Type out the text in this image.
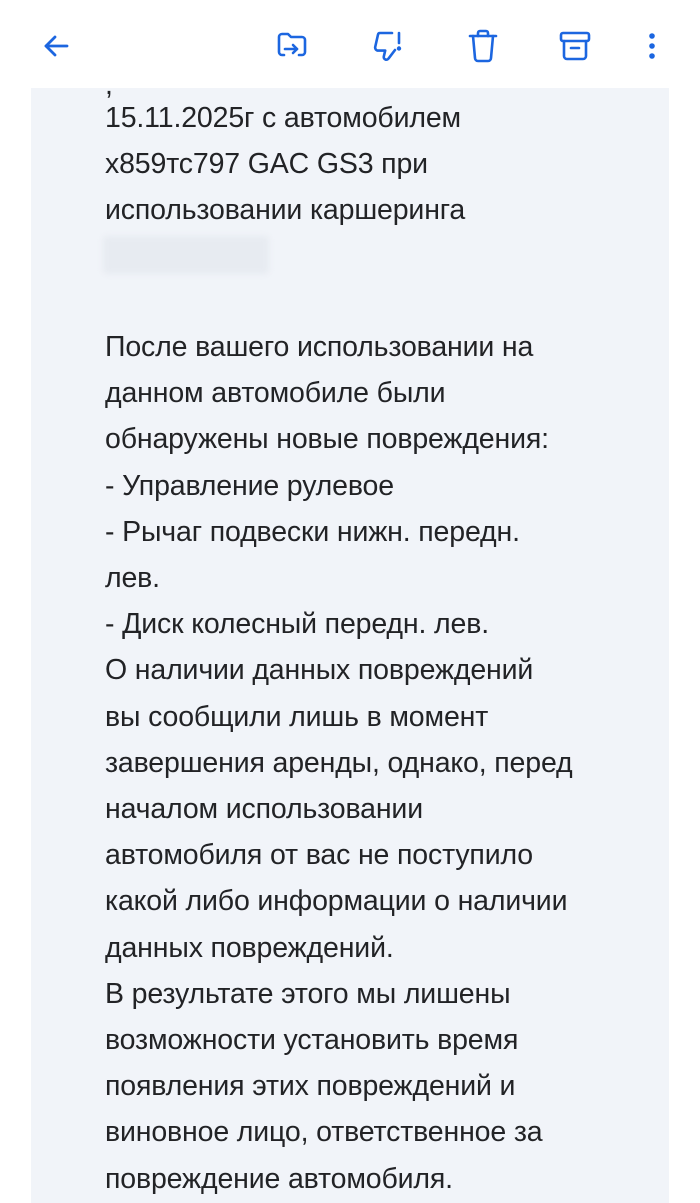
15.11.2025г с автомобилем
х859тс797 GAC GS3 при
использовании каршеринга
После вашего использовании на
данном автомобиле были
обнаружены новые повреждения:
- Управление рулевое
- Рычаг подвески нижн. передн.
лев.
- Диск колесный передн. лев.
О наличии данных повреждений
вы сообщили лишь в момент
завершения аренды, однако, перед
началом использовании
автомобиля от вас не поступило
какой либо информации о наличии
данных повреждений.
В результате этого мы лишены
возможности установить время
появления этих повреждений и
виновное лицо, ответственное за
повреждение автомобиля.
